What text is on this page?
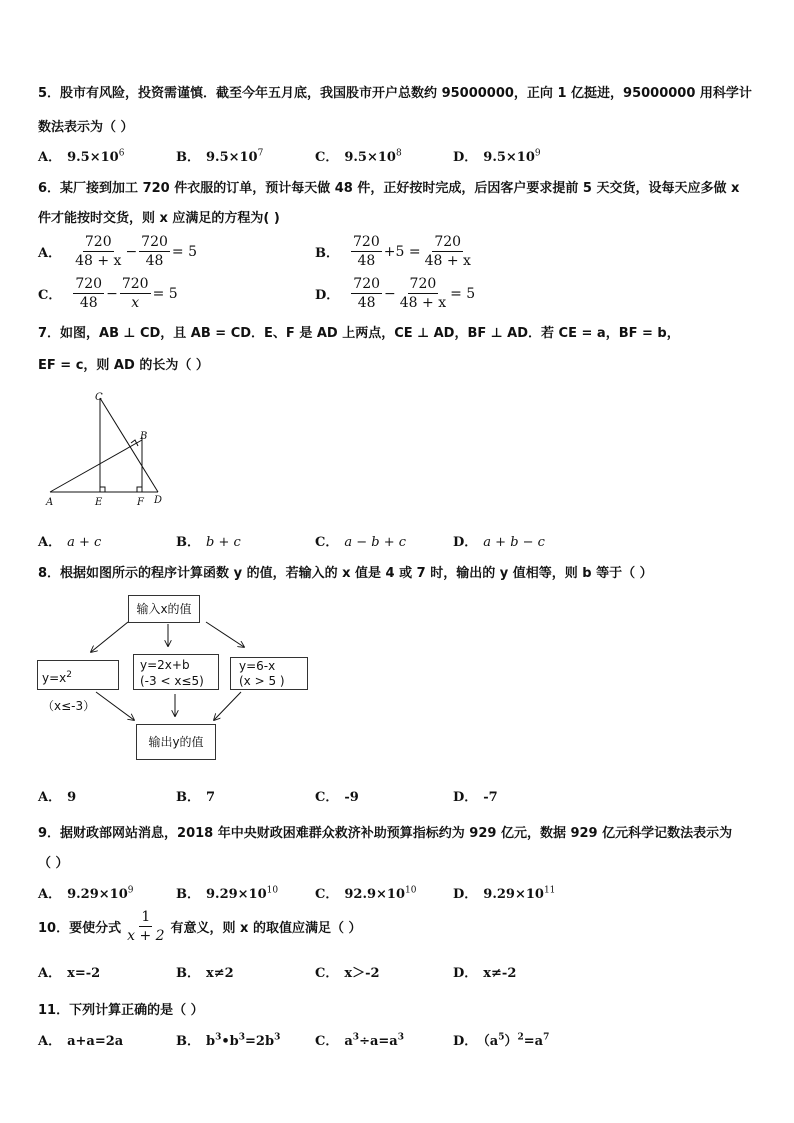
5．股市有风险，投资需谨慎．截至今年五月底，我国股市开户总数约 95000000，正向 1 亿挺进，95000000 用科学计
数法表示为（ ）
A． $9.5\times 10^6$	B． $9.5\times 10^7$	C． $9.5\times 10^8$	D． $9.5\times 10^9$
6．某厂接到加工 720 件衣服的订单，预计每天做 48 件，正好按时完成，后因客户要求提前 5 天交货，设每天应多做 x
件才能按时交货，则 x 应满足的方程为( )
A． $\frac{720}{48 + x} - \frac{720}{48} = 5$	B． $\frac{720}{48} +5 = \frac{720}{48 + x}$
C． $\frac{720}{48} - \frac{720}{x} = 5$	D． $\frac{720}{48} - \frac{720}{48 + x} = 5$
7．如图，AB ⊥ CD，且 AB = CD．E、F 是 AD 上两点，CE ⊥ AD，BF ⊥ AD．若 CE = a，BF = b，
EF = c，则 AD 的长为（ ）
C
B
A	E	F D
A． a + c	B． b + c	C． a − b + c	D． a + b − c
8．根据如图所示的程序计算函数 y 的值，若输入的 x 值是 4 或 7 时，输出的 y 值相等，则 b 等于（ ）
输入x的值
$y=x^2(x\le-3)$
y=2x+b
(-3 < x≤5)
y=6-x
(x > 5 )
输出y的值
A． 9	B． 7	C． -9	D． -7
9．据财政部网站消息，2018 年中央财政困难群众救济补助预算指标约为 929 亿元，数据 929 亿元科学记数法表示为
（ ）
A． $9.29\times 10^9$	B． $9.29\times 10^{10}$	C． $92.9\times 10^{10}$	D． $9.29\times 10^{11}$
10．要使分式 $\frac{1}{x + 2}$ 有意义，则 x 的取值应满足（ ）
A． x=-2	B． x≠2	C． x＞-2	D． x≠-2
11．下列计算正确的是（ ）
A． a+a=2a	B． $b^3•b^3=2b^3$	C． $a^3\div a=a^3$	D． $(a^5)^2=a^7$
